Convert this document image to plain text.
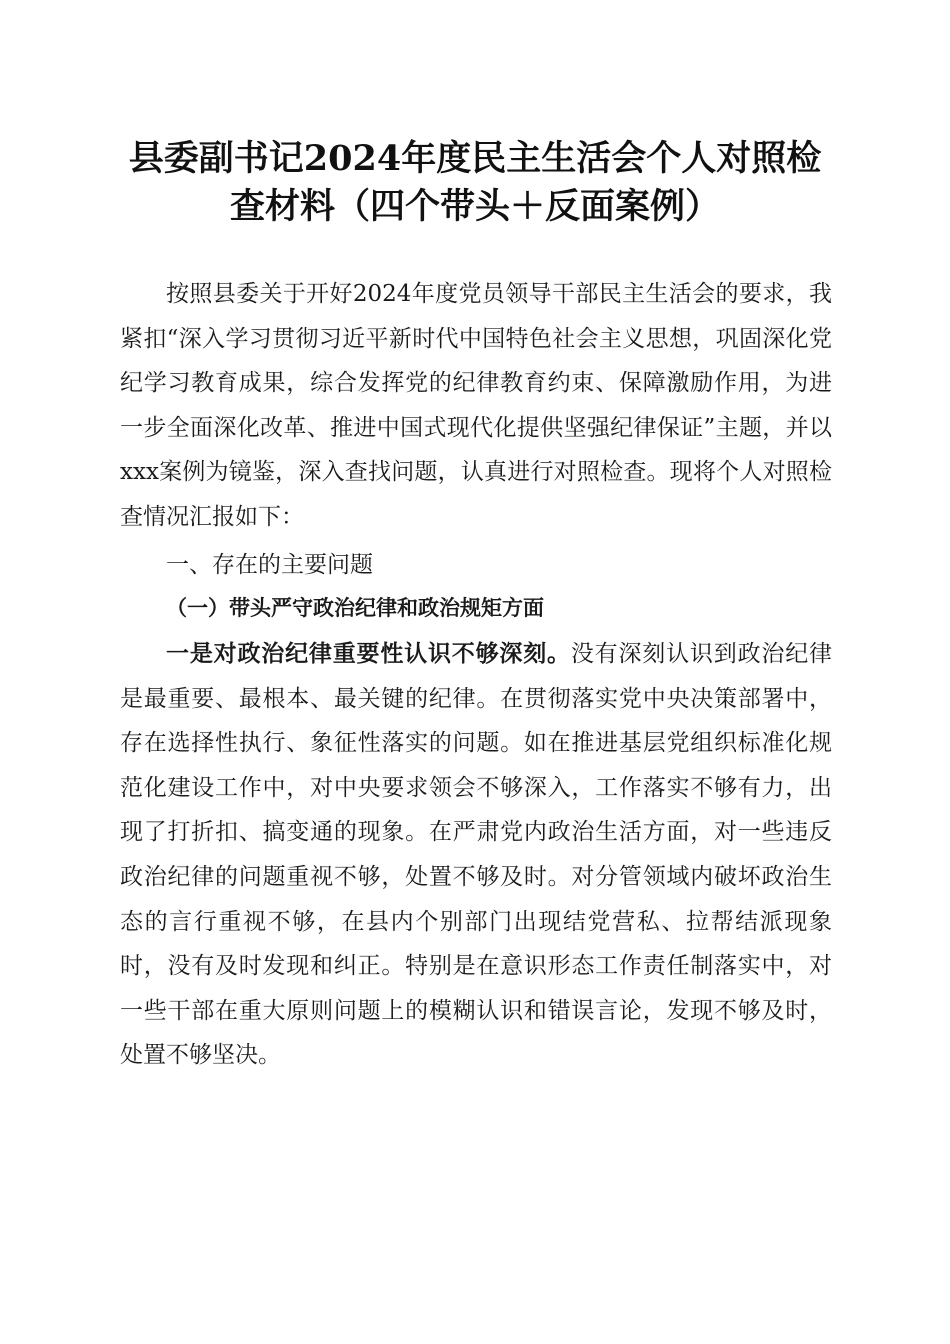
县委副书记2024年度民主生活会个人对照检
查材料（四个带头＋反面案例）
按照县委关于开好2024年度党员领导干部民主生活会的要求，我紧扣“深入学习贯彻习近平新时代中国特色社会主义思想，巩固深化党纪学习教育成果，综合发挥党的纪律教育约束、保障激励作用，为进一步全面深化改革、推进中国式现代化提供坚强纪律保证”主题，并以xxx案例为镜鉴，深入查找问题，认真进行对照检查。现将个人对照检查情况汇报如下：
一、存在的主要问题
（一）带头严守政治纪律和政治规矩方面
一是对政治纪律重要性认识不够深刻。没有深刻认识到政治纪律是最重要、最根本、最关键的纪律。在贯彻落实党中央决策部署中，存在选择性执行、象征性落实的问题。如在推进基层党组织标准化规范化建设工作中，对中央要求领会不够深入，工作落实不够有力，出现了打折扣、搞变通的现象。在严肃党内政治生活方面，对一些违反政治纪律的问题重视不够，处置不够及时。对分管领域内破坏政治生态的言行重视不够，在县内个别部门出现结党营私、拉帮结派现象时，没有及时发现和纠正。特别是在意识形态工作责任制落实中，对一些干部在重大原则问题上的模糊认识和错误言论，发现不够及时，处置不够坚决。
